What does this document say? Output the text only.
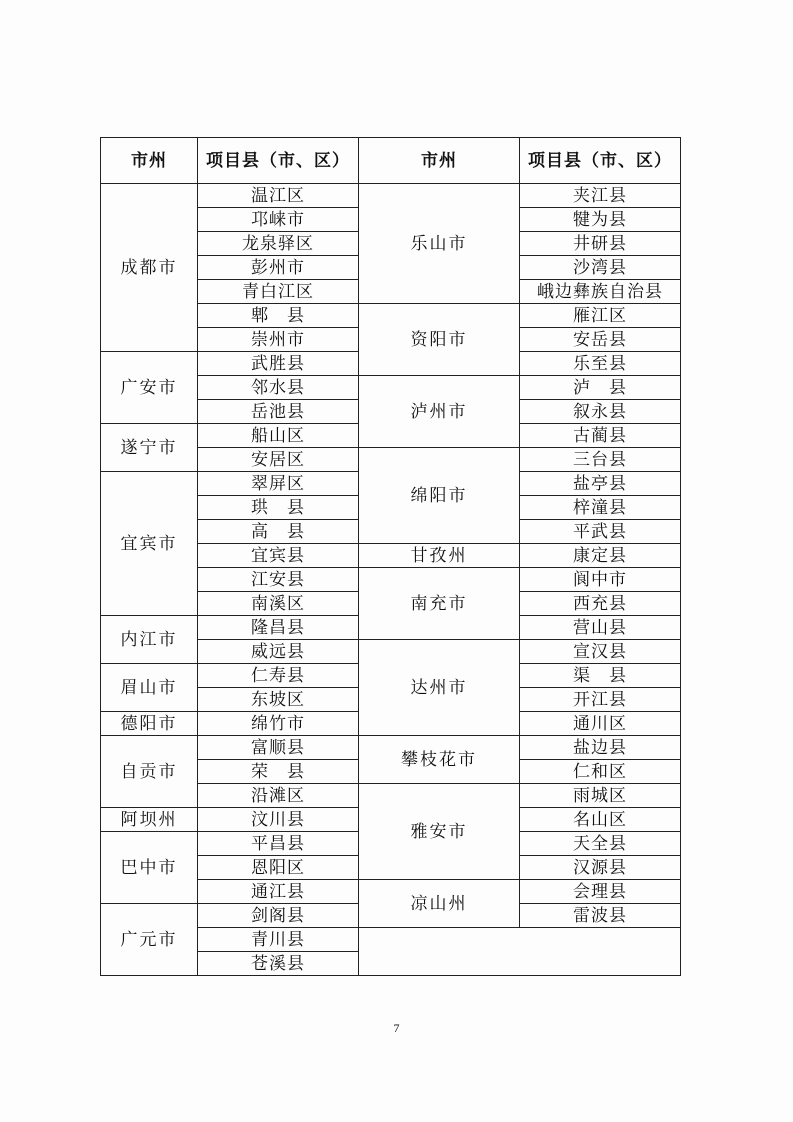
市州	项目县（市、区）	市州	项目县（市、区）
成都市	温江区	乐山市	夹江县
	邛崃市		犍为县
	龙泉驿区		井研县
	彭州市		沙湾县
	青白江区		峨边彝族自治县
	郫　县	资阳市	雁江区
	崇州市		安岳县
广安市	武胜县		乐至县
	邻水县	泸州市	泸　县
	岳池县		叙永县
遂宁市	船山区		古蔺县
	安居区	绵阳市	三台县
宜宾市	翠屏区		盐亭县
	珙　县		梓潼县
	高　县		平武县
	宜宾县	甘孜州	康定县
	江安县	南充市	阆中市
	南溪区		西充县
内江市	隆昌县		营山县
	威远县	达州市	宣汉县
眉山市	仁寿县		渠　县
	东坡区		开江县
德阳市	绵竹市		通川区
自贡市	富顺县	攀枝花市	盐边县
	荣　县		仁和区
	沿滩区	雅安市	雨城区
阿坝州	汶川县		名山区
巴中市	平昌县		天全县
	恩阳区		汉源县
	通江县	凉山州	会理县
广元市	剑阁县		雷波县
	青川县		
	苍溪县		
7
